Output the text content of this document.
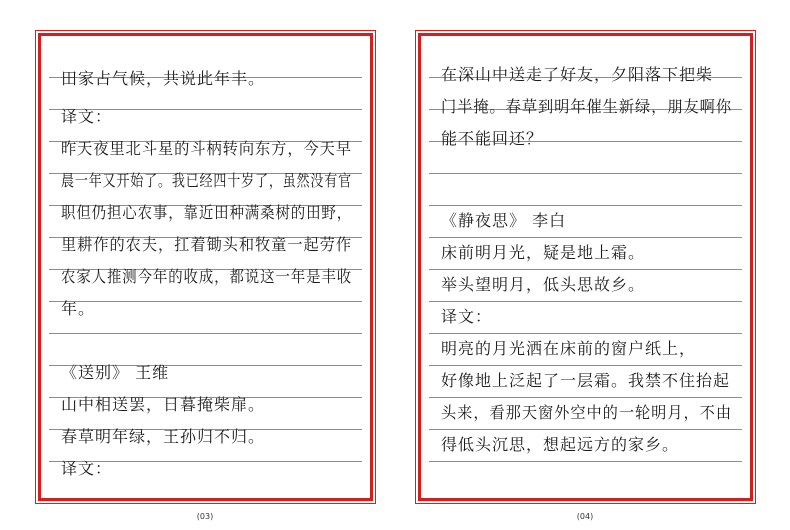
田家占气候，共说此年丰。
译文：
昨天夜里北斗星的斗柄转向东方，今天早
晨一年又开始了。我已经四十岁了，虽然没有官
职但仍担心农事，靠近田种满桑树的田野，
里耕作的农夫，扛着锄头和牧童一起劳作
农家人推测今年的收成，都说这一年是丰收
年。
《送别》 王维
山中相送罢，日暮掩柴扉。
春草明年绿，王孙归不归。
译文：
在深山中送走了好友，夕阳落下把柴
门半掩。春草到明年催生新绿，朋友啊你
能不能回还？
《静夜思》 李白
床前明月光，疑是地上霜。
举头望明月，低头思故乡。
译文：
明亮的月光洒在床前的窗户纸上，
好像地上泛起了一层霜。我禁不住抬起
头来，看那天窗外空中的一轮明月，不由
得低头沉思，想起远方的家乡。
(03)	(04)
